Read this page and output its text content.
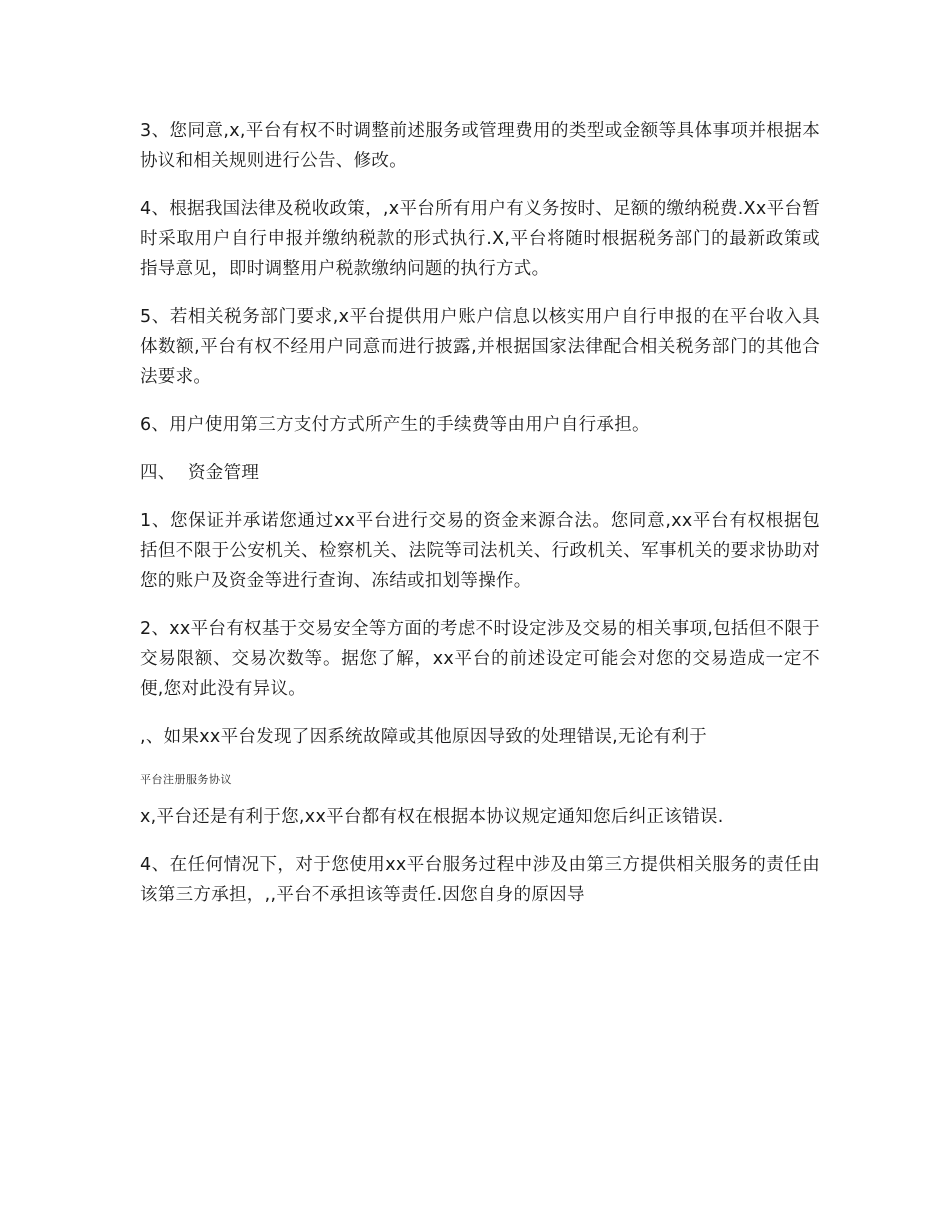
3、您同意,x,平台有权不时调整前述服务或管理费用的类型或金额等具体事项并根据本协议和相关规则进行公告、修改。

4、根据我国法律及税收政策，,x平台所有用户有义务按时、足额的缴纳税费.Xx平台暂时采取用户自行申报并缴纳税款的形式执行.X,平台将随时根据税务部门的最新政策或指导意见，即时调整用户税款缴纳问题的执行方式。

5、若相关税务部门要求,x平台提供用户账户信息以核实用户自行申报的在平台收入具体数额,平台有权不经用户同意而进行披露,并根据国家法律配合相关税务部门的其他合法要求。

6、用户使用第三方支付方式所产生的手续费等由用户自行承担。

四、 资金管理

1、您保证并承诺您通过xx平台进行交易的资金来源合法。您同意,xx平台有权根据包括但不限于公安机关、检察机关、法院等司法机关、行政机关、军事机关的要求协助对您的账户及资金等进行查询、冻结或扣划等操作。

2、xx平台有权基于交易安全等方面的考虑不时设定涉及交易的相关事项,包括但不限于交易限额、交易次数等。据您了解，xx平台的前述设定可能会对您的交易造成一定不便,您对此没有异议。

,、如果xx平台发现了因系统故障或其他原因导致的处理错误,无论有利于

平台注册服务协议

x,平台还是有利于您,xx平台都有权在根据本协议规定通知您后纠正该错误.

4、在任何情况下，对于您使用xx平台服务过程中涉及由第三方提供相关服务的责任由该第三方承担，,,平台不承担该等责任.因您自身的原因导
